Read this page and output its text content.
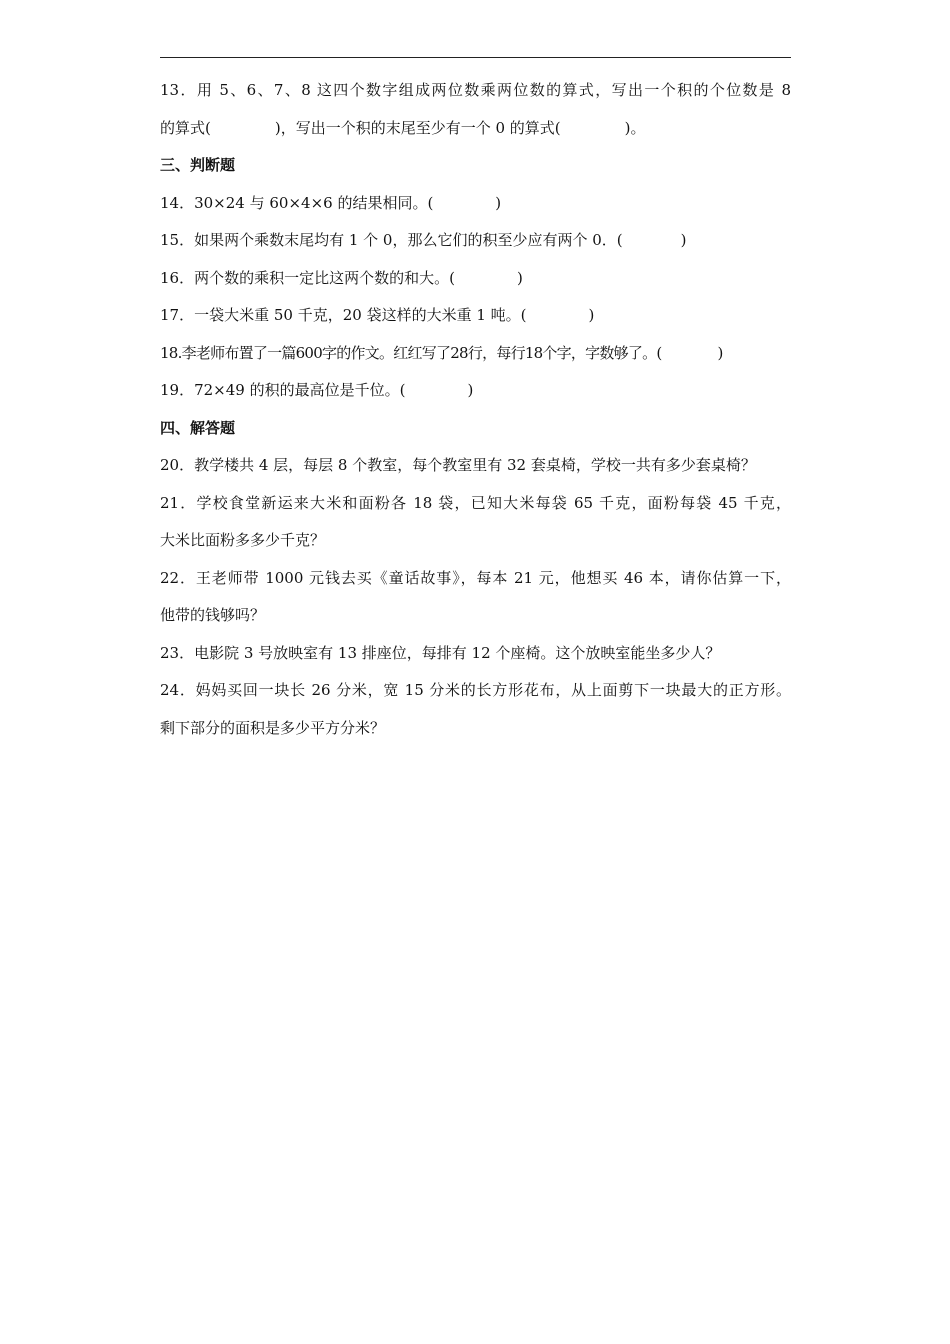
13．用 5、6、7、8 这四个数字组成两位数乘两位数的算式，写出一个积的个位数是 8
的算式(	)，写出一个积的末尾至少有一个 0 的算式(	)。
三、判断题
14．30×24 与 60×4×6 的结果相同。(	)
15．如果两个乘数末尾均有 1 个 0，那么它们的积至少应有两个 0．(	)
16．两个数的乘积一定比这两个数的和大。(	)
17．一袋大米重 50 千克，20 袋这样的大米重 1 吨。(	)
18.李老师布置了一篇600字的作文。红红写了28行，每行18个字，字数够了。(	)
19．72×49 的积的最高位是千位。(	)
四、解答题
20．教学楼共 4 层，每层 8 个教室，每个教室里有 32 套桌椅，学校一共有多少套桌椅？
21．学校食堂新运来大米和面粉各 18 袋，已知大米每袋 65 千克，面粉每袋 45 千克，
大米比面粉多多少千克？
22．王老师带 1000 元钱去买《童话故事》，每本 21 元，他想买 46 本，请你估算一下，
他带的钱够吗？
23．电影院 3 号放映室有 13 排座位，每排有 12 个座椅。这个放映室能坐多少人？
24．妈妈买回一块长 26 分米，宽 15 分米的长方形花布，从上面剪下一块最大的正方形。
剩下部分的面积是多少平方分米？
